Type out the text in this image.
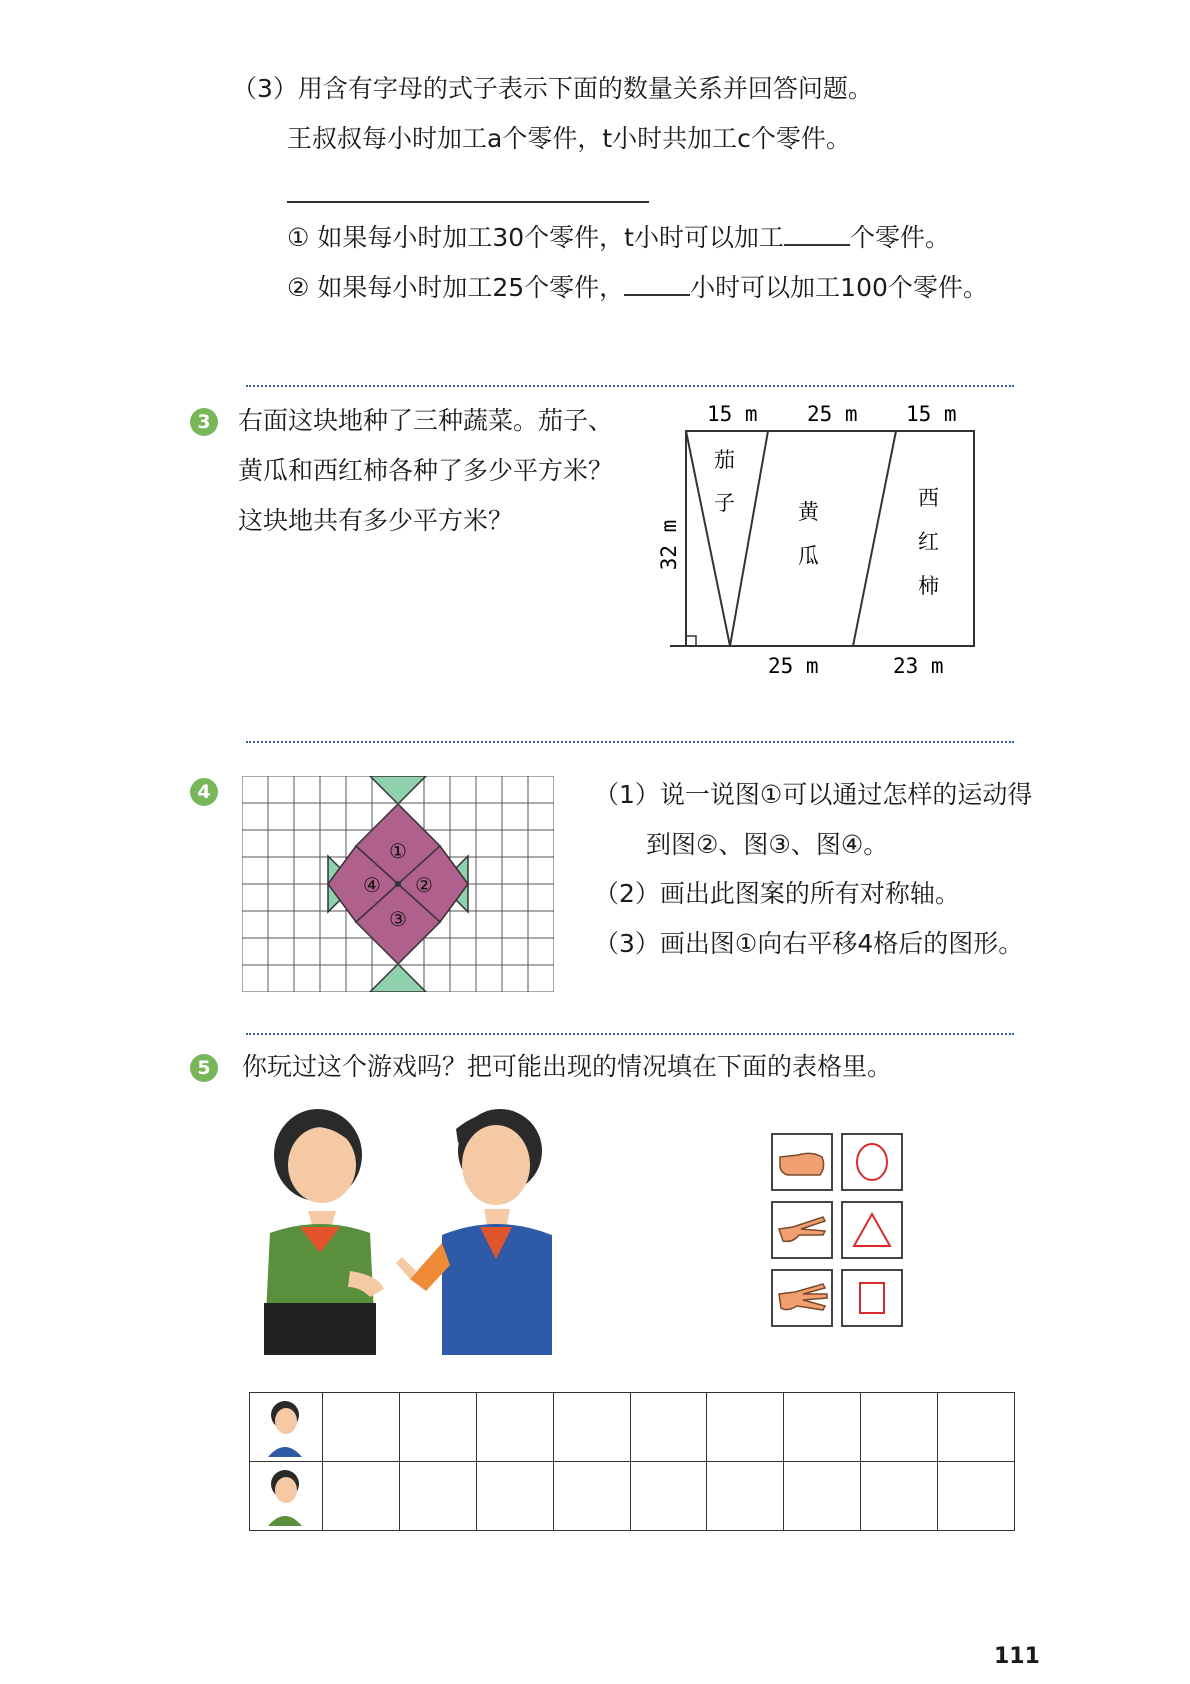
（3）用含有字母的式子表示下面的数量关系并回答问题。
王叔叔每小时加工a个零件，t小时共加工c个零件。
① 如果每小时加工30个零件，t小时可以加工	个零件。
② 如果每小时加工25个零件，	小时可以加工100个零件。
3 右面这块地种了三种蔬菜。茄子、
黄瓜和西红柿各种了多少平方米？
这块地共有多少平方米？
15 m 25 m 15 m
25 m	23 m
32 m
茄
子	黄
瓜
西
红
柿
4
①
②
③
④
（1）说一说图①可以通过怎样的运动得
到图②、图③、图④。
（2）画出此图案的所有对称轴。
（3）画出图①向右平移4格后的图形。
5 你玩过这个游戏吗？把可能出现的情况填在下面的表格里。

111
